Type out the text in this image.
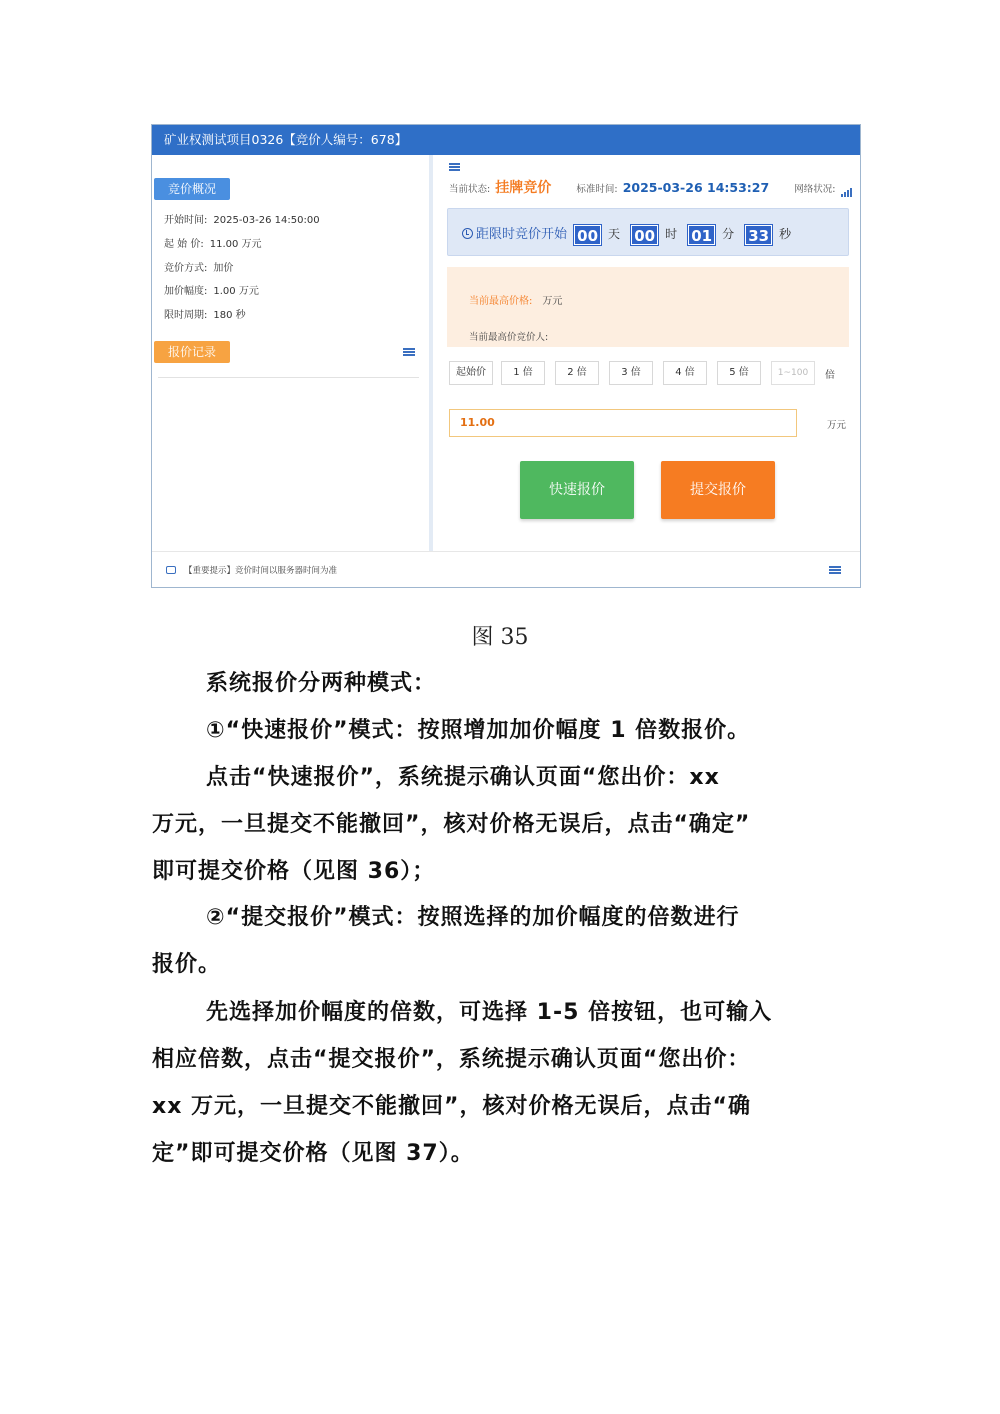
矿业权测试项目0326【竞价人编号：678】
竞价概况
开始时间: 2025-03-26 14:50:00
起 始 价: 11.00 万元
竞价方式: 加价
加价幅度: 1.00 万元
限时周期: 180 秒
报价记录
当前状态: 挂牌竞价	标准时间: 2025-03-26 14:53:27	网络状况:
距限时竞价开始 00 天 00 时 01 分 33 秒
当前最高价格: 万元
当前最高价竞价人:
起始价	1 倍	2 倍	3 倍	4 倍	5 倍	1~100 倍
11.00	万元
快速报价	提交报价
【重要提示】竞价时间以服务器时间为准
图 35
系统报价分两种模式：
①“快速报价”模式：按照增加加价幅度 1 倍数报价。
点击“快速报价”，系统提示确认页面“您出价：xx
万元，一旦提交不能撤回”，核对价格无误后，点击“确定”
即可提交价格（见图 36）；
②“提交报价”模式：按照选择的加价幅度的倍数进行
报价。
先选择加价幅度的倍数，可选择 1-5 倍按钮，也可输入
相应倍数，点击“提交报价”，系统提示确认页面“您出价：
xx 万元，一旦提交不能撤回”，核对价格无误后，点击“确
定”即可提交价格（见图 37）。
